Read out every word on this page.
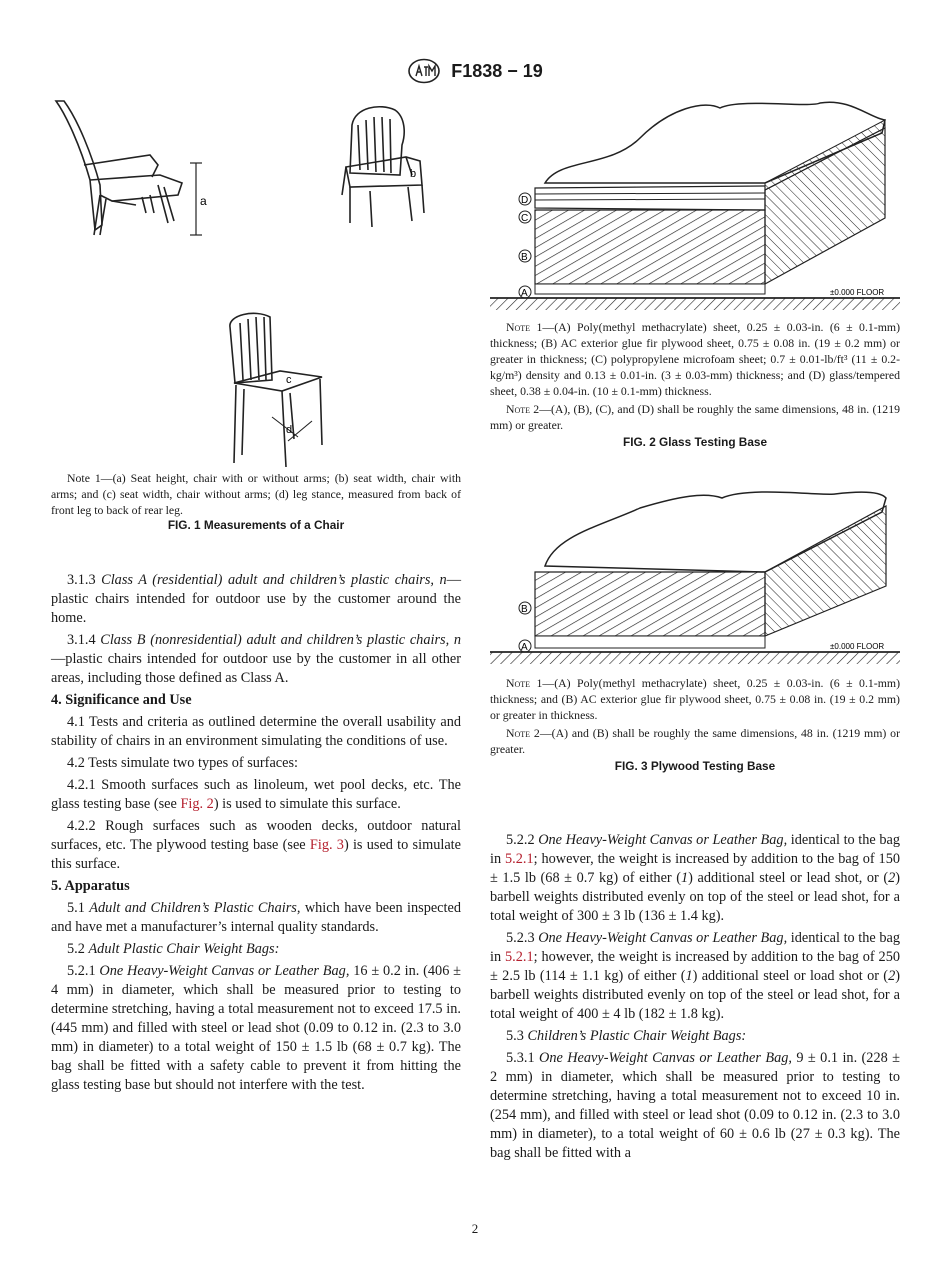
F1838 − 19
a
b
c
d

Note 1—(a) Seat height, chair with or without arms; (b) seat width, chair with arms; and (c) seat width, chair without arms; (d) leg stance, measured from back of front leg to back of rear leg.

FIG. 1 Measurements of a Chair

D
C
B
A	±0.000 FLOOR

Note 1—(A) Poly(methyl methacrylate) sheet, 0.25 ± 0.03-in. (6 ± 0.1-mm) thickness; (B) AC exterior glue fir plywood sheet, 0.75 ± 0.08 in. (19 ± 0.2 mm) or greater in thickness; (C) polypropylene microfoam sheet; 0.7 ± 0.01-lb/ft³ (11 ± 0.2-kg/m³) density and 0.13 ± 0.01-in. (3 ± 0.03-mm) thickness; and (D) glass/tempered sheet, 0.38 ± 0.04-in. (10 ± 0.1-mm) thickness.

Note 2—(A), (B), (C), and (D) shall be roughly the same dimensions, 48 in. (1219 mm) or greater.

FIG. 2 Glass Testing Base

B
A	±0.000 FLOOR

Note 1—(A) Poly(methyl methacrylate) sheet, 0.25 ± 0.03-in. (6 ± 0.1-mm) thickness; and (B) AC exterior glue fir plywood sheet, 0.75 ± 0.08 in. (19 ± 0.2 mm) or greater in thickness.

Note 2—(A) and (B) shall be roughly the same dimensions, 48 in. (1219 mm) or greater.

FIG. 3 Plywood Testing Base

3.1.3 Class A (residential) adult and children’s plastic chairs, n—plastic chairs intended for outdoor use by the customer around the home.

3.1.4 Class B (nonresidential) adult and children’s plastic chairs, n—plastic chairs intended for outdoor use by the customer in all other areas, including those defined as Class A.

4. Significance and Use

4.1 Tests and criteria as outlined determine the overall usability and stability of chairs in an environment simulating the conditions of use.

4.2 Tests simulate two types of surfaces:

4.2.1 Smooth surfaces such as linoleum, wet pool decks, etc. The glass testing base (see Fig. 2) is used to simulate this surface.

4.2.2 Rough surfaces such as wooden decks, outdoor natural surfaces, etc. The plywood testing base (see Fig. 3) is used to simulate this surface.

5. Apparatus

5.1 Adult and Children’s Plastic Chairs, which have been inspected and have met a manufacturer’s internal quality standards.

5.2 Adult Plastic Chair Weight Bags:

5.2.1 One Heavy-Weight Canvas or Leather Bag, 16 ± 0.2 in. (406 ± 4 mm) in diameter, which shall be measured prior to testing to determine stretching, having a total measurement not to exceed 17.5 in. (445 mm) and filled with steel or lead shot (0.09 to 0.12 in. (2.3 to 3.0 mm) in diameter) to a total weight of 150 ± 1.5 lb (68 ± 0.7 kg). The bag shall be fitted with a safety cable to prevent it from hitting the glass testing base but should not interfere with the test.

5.2.2 One Heavy-Weight Canvas or Leather Bag, identical to the bag in 5.2.1; however, the weight is increased by addition to the bag of 150 ± 1.5 lb (68 ± 0.7 kg) of either (1) additional steel or lead shot, or (2) barbell weights distributed evenly on top of the steel or lead shot, for a total weight of 300 ± 3 lb (136 ± 1.4 kg).

5.2.3 One Heavy-Weight Canvas or Leather Bag, identical to the bag in 5.2.1; however, the weight is increased by addition to the bag of 250 ± 2.5 lb (114 ± 1.1 kg) of either (1) additional steel or load shot or (2) barbell weights distributed evenly on top of the steel or lead shot, for a total weight of 400 ± 4 lb (182 ± 1.8 kg).

5.3 Children’s Plastic Chair Weight Bags:

5.3.1 One Heavy-Weight Canvas or Leather Bag, 9 ± 0.1 in. (228 ± 2 mm) in diameter, which shall be measured prior to testing to determine stretching, having a total measurement not to exceed 10 in. (254 mm), and filled with steel or lead shot (0.09 to 0.12 in. (2.3 to 3.0 mm) in diameter), to a total weight of 60 ± 0.6 lb (27 ± 0.3 kg). The bag shall be fitted with a

2
